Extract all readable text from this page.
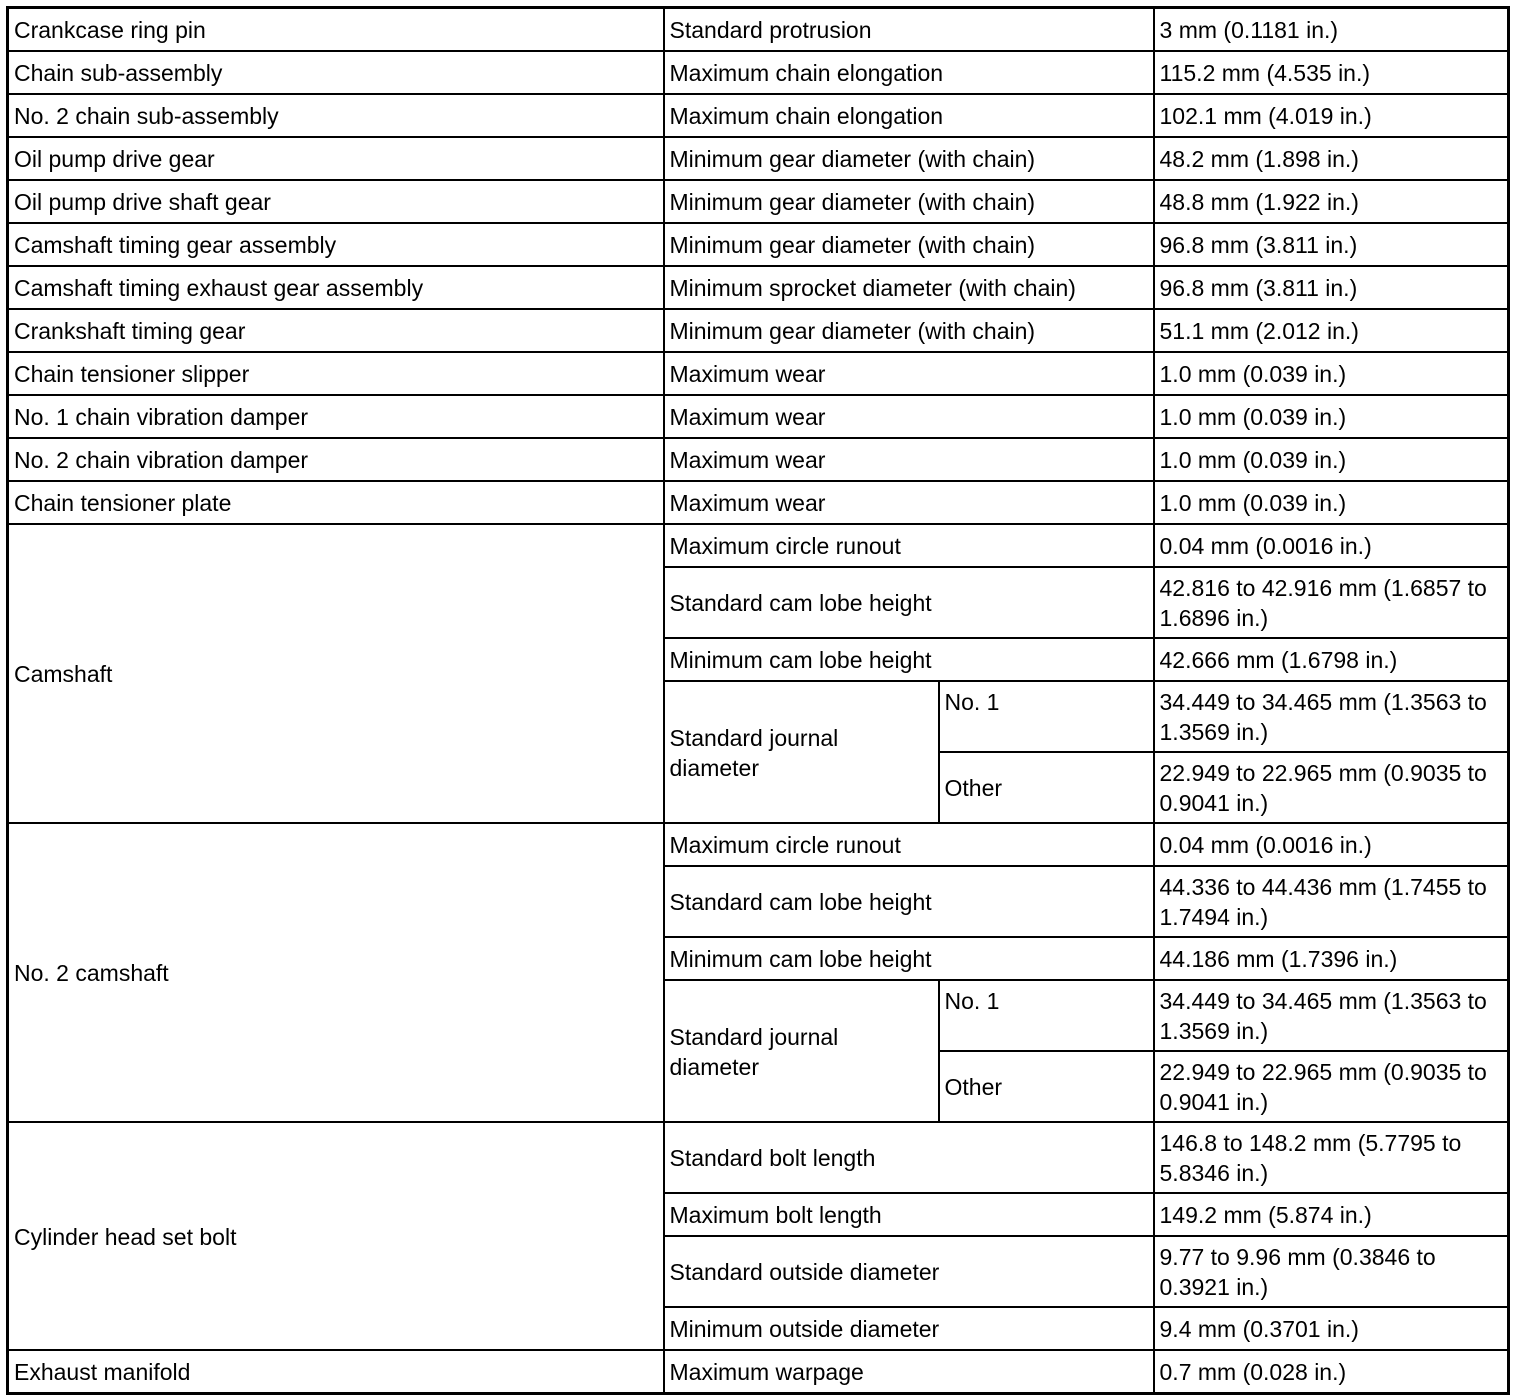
Crankcase ring pin	Standard protrusion		3 mm (0.1181 in.)
Chain sub-assembly	Maximum chain elongation		115.2 mm (4.535 in.)
No. 2 chain sub-assembly	Maximum chain elongation		102.1 mm (4.019 in.)
Oil pump drive gear	Minimum gear diameter (with chain)		48.2 mm (1.898 in.)
Oil pump drive shaft gear	Minimum gear diameter (with chain)		48.8 mm (1.922 in.)
Camshaft timing gear assembly	Minimum gear diameter (with chain)		96.8 mm (3.811 in.)
Camshaft timing exhaust gear assembly	Minimum sprocket diameter (with chain)		96.8 mm (3.811 in.)
Crankshaft timing gear	Minimum gear diameter (with chain)		51.1 mm (2.012 in.)
Chain tensioner slipper	Maximum wear		1.0 mm (0.039 in.)
No. 1 chain vibration damper	Maximum wear		1.0 mm (0.039 in.)
No. 2 chain vibration damper	Maximum wear		1.0 mm (0.039 in.)
Chain tensioner plate	Maximum wear		1.0 mm (0.039 in.)
Camshaft	Maximum circle runout		0.04 mm (0.0016 in.)
	Standard cam lobe height		42.816 to 42.916 mm (1.6857 to 1.6896 in.)
	Minimum cam lobe height		42.666 mm (1.6798 in.)
	Standard journal diameter	No. 1	34.449 to 34.465 mm (1.3563 to 1.3569 in.)
		Other	22.949 to 22.965 mm (0.9035 to 0.9041 in.)
No. 2 camshaft	Maximum circle runout		0.04 mm (0.0016 in.)
	Standard cam lobe height		44.336 to 44.436 mm (1.7455 to 1.7494 in.)
	Minimum cam lobe height		44.186 mm (1.7396 in.)
	Standard journal diameter	No. 1	34.449 to 34.465 mm (1.3563 to 1.3569 in.)
		Other	22.949 to 22.965 mm (0.9035 to 0.9041 in.)
Cylinder head set bolt	Standard bolt length		146.8 to 148.2 mm (5.7795 to 5.8346 in.)
	Maximum bolt length		149.2 mm (5.874 in.)
	Standard outside diameter		9.77 to 9.96 mm (0.3846 to 0.3921 in.)
	Minimum outside diameter		9.4 mm (0.3701 in.)
Exhaust manifold	Maximum warpage		0.7 mm (0.028 in.)
